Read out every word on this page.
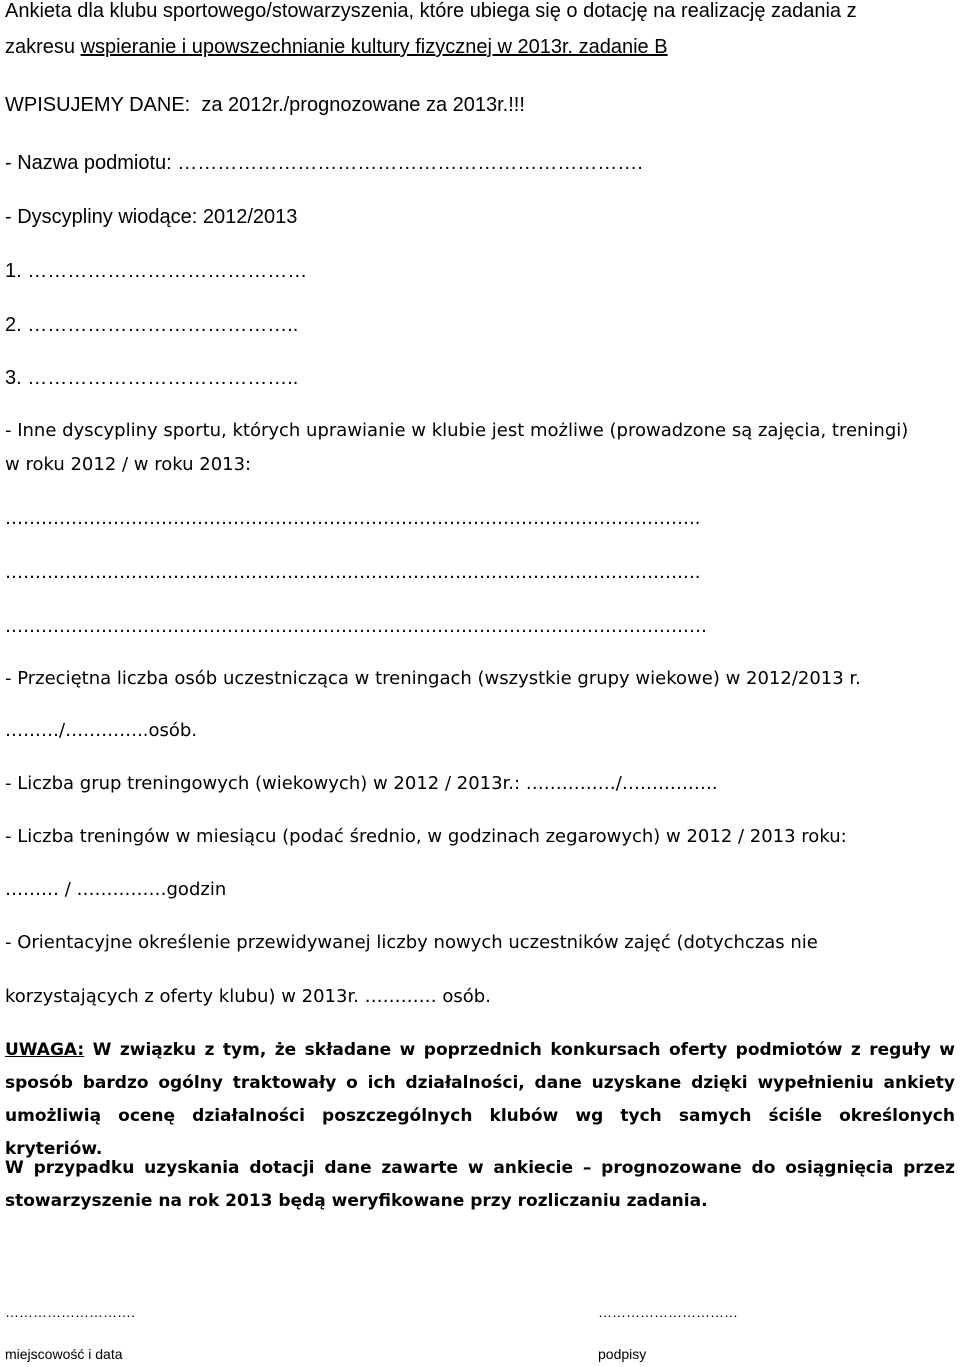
Ankieta dla klubu sportowego/stowarzyszenia, które ubiega się o dotację na realizację zadania z
zakresu wspieranie i upowszechnianie kultury fizycznej w 2013r. zadanie B
WPISUJEMY DANE: za 2012r./prognozowane za 2013r.!!!
- Nazwa podmiotu: …………………………………………………………….
- Dyscypliny wiodące: 2012/2013
1. ……………………………………
2. …………………………………..
3. …………………………………..
- Inne dyscypliny sportu, których uprawianie w klubie jest możliwe (prowadzone są zajęcia, treningi)
w roku 2012 / w roku 2013:
……………………………………………………………………………………………………..
……………………………………………………………………………………………………..
………………………………………………………………………………………………………
- Przeciętna liczba osób uczestnicząca w treningach (wszystkie grupy wiekowe) w 2012/2013 r.
………/…………..osób.
- Liczba grup treningowych (wiekowych) w 2012 / 2013r.: ……………/…………….
- Liczba treningów w miesiącu (podać średnio, w godzinach zegarowych) w 2012 / 2013 roku:
……… / ……………godzin
- Orientacyjne określenie przewidywanej liczby nowych uczestników zajęć (dotychczas nie
korzystających z oferty klubu) w 2013r. ………… osób.
UWAGA: W związku z tym, że składane w poprzednich konkursach oferty podmiotów z reguły w sposób bardzo ogólny traktowały o ich działalności, dane uzyskane dzięki wypełnieniu ankiety umożliwią ocenę działalności poszczególnych klubów wg tych samych ściśle określonych kryteriów.
W przypadku uzyskania dotacji dane zawarte w ankiecie – prognozowane do osiągnięcia przez stowarzyszenie na rok 2013 będą weryfikowane przy rozliczaniu zadania.
……………………….	…………………………
miejscowość i data	podpisy
